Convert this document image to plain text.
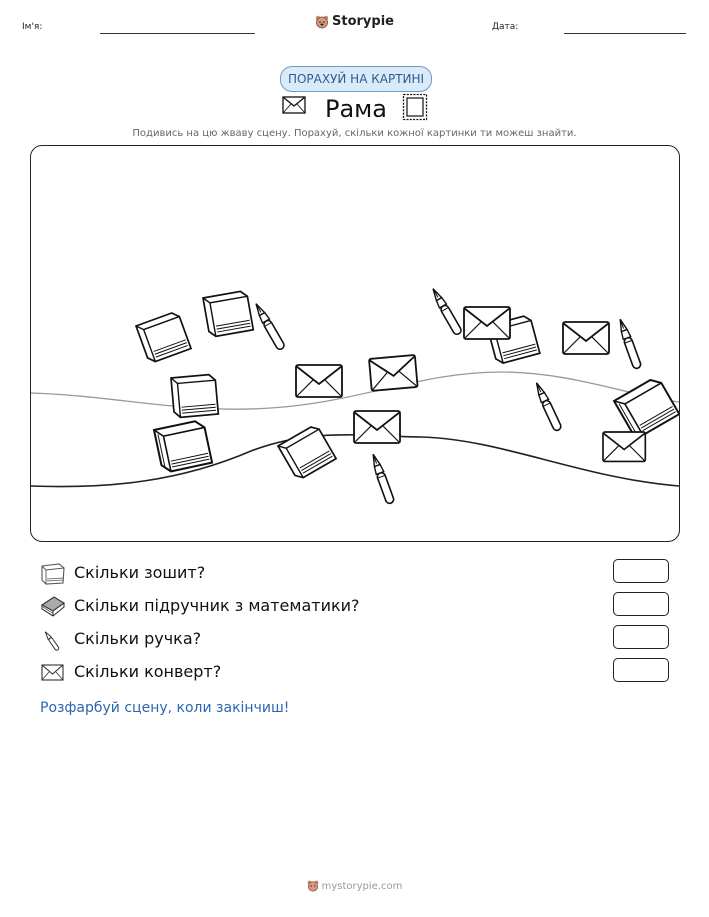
Ім'я:	Storypie	Дата:
ПОРАХУЙ НА КАРТИНІ
Рама
Подивись на цю жваву сцену. Порахуй, скільки кожної картинки ти можеш знайти.
Скільки зошит?
Скільки підручник з математики?
Скільки ручка?
Скільки конверт?
Розфарбуй сцену, коли закінчиш!
mystorypie.com
